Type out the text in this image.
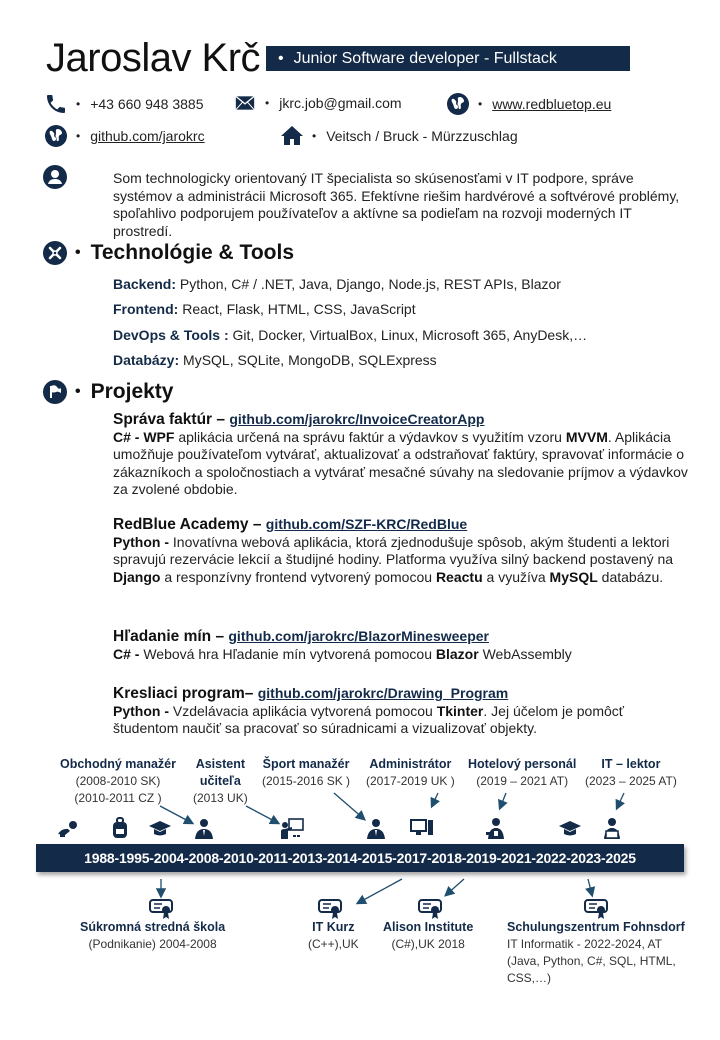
Jaroslav Krč	• Junior Software developer - Fullstack
• +43 660 948 3885	• jkrc.job@gmail.com	• www.redbluetop.eu
• github.com/jarokrc	• Veitsch / Bruck - Mürzzuschlag
Som technologicky orientovaný IT špecialista so skúsenosťami v IT podpore, správe systémov a administrácii Microsoft 365. Efektívne riešim hardvérové a softvérové problémy, spoľahlivo podporujem používateľov a aktívne sa podieľam na rozvoji moderných IT prostredí.
• Technológie & Tools
Backend: Python, C# / .NET, Java, Django, Node.js, REST APIs, Blazor
Frontend: React, Flask, HTML, CSS, JavaScript
DevOps & Tools : Git, Docker, VirtualBox, Linux, Microsoft 365, AnyDesk,…
Databázy: MySQL, SQLite, MongoDB, SQLExpress
• Projekty
Správa faktúr – github.com/jarokrc/InvoiceCreatorApp
C# - WPF aplikácia určená na správu faktúr a výdavkov s využitím vzoru MVVM. Aplikácia umožňuje používateľom vytvárať, aktualizovať a odstraňovať faktúry, spravovať informácie o zákazníkoch a spoločnostiach a vytvárať mesačné súvahy na sledovanie príjmov a výdavkov za zvolené obdobie.
RedBlue Academy – github.com/SZF-KRC/RedBlue
Python - Inovatívna webová aplikácia, ktorá zjednodušuje spôsob, akým študenti a lektori spravujú rezervácie lekcií a študijné hodiny. Platforma využíva silný backend postavený na Django a responzívny frontend vytvorený pomocou Reactu a využíva MySQL databázu.
Hľadanie mín – github.com/jarokrc/BlazorMinesweeper
C# - Webová hra Hľadanie mín vytvorená pomocou Blazor WebAssembly
Kresliaci program– github.com/jarokrc/Drawing_Program
Python - Vzdelávacia aplikácia vytvorená pomocou Tkinter. Jej účelom je pomôcť študentom naučiť sa pracovať so súradnicami a vizualizovať objekty.
Obchodný manažér
(2008-2010 SK)
(2010-2011 CZ )
Asistent
učiteľa
(2013 UK)
Šport manažér
(2015-2016 SK )
Administrátor
(2017-2019 UK )
Hotelový personál
(2019 – 2021 AT)
IT – lektor
(2023 – 2025 AT)
1988-1995-2004-2008-2010-2011-2013-2014-2015-2017-2018-2019-2021-2022-2023-2025
Súkromná stredná škola
(Podnikanie) 2004-2008
IT Kurz
(C++),UK
Alison Institute
(C#),UK 2018
Schulungszentrum Fohnsdorf
IT Informatik - 2022-2024, AT
(Java, Python, C#, SQL, HTML,
CSS,…)
